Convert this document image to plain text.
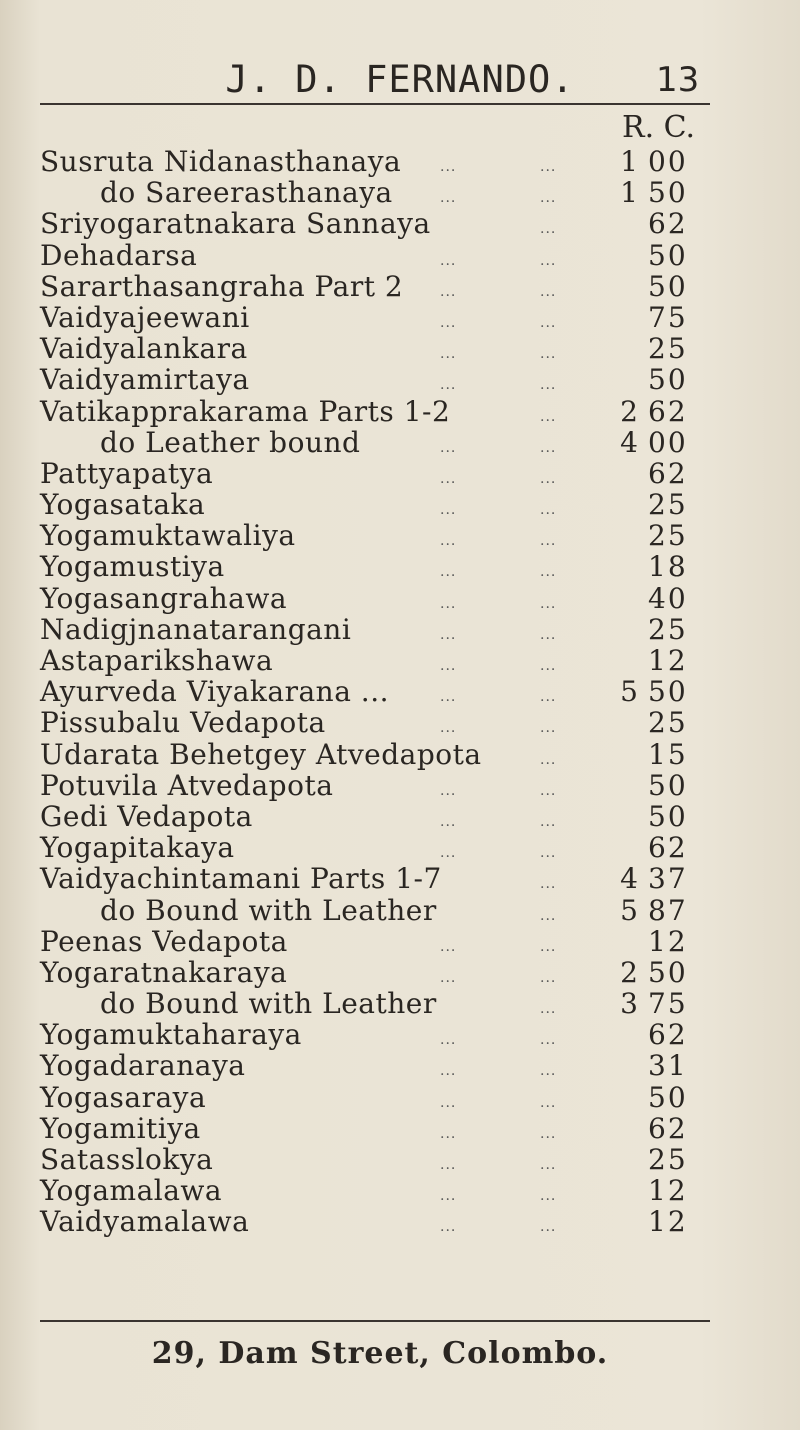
J. D. FERNANDO.	13
R. C.
Susruta Nidanasthanaya	...	... 1 00
do Sareerasthanaya	...	... 1 50
Sriyogaratnakara Sannaya	...	62
Dehadarsa	...	...	50
Sararthasangraha Part 2	...	...	50
Vaidyajeewani	...	...	75
Vaidyalankara	...	...	25
Vaidyamirtaya	...	...	50
Vatikapprakarama Parts 1-2	... 2 62
do Leather bound	...	... 4 00
Pattyapatya	...	...	62
Yogasataka	...	...	25
Yogamuktawaliya	...	...	25
Yogamustiya	...	...	18
Yogasangrahawa	...	...	40
Nadigjnanatarangani	...	...	25
Astaparikshawa	...	...	12
Ayurveda Viyakarana ...	...	... 5 50
Pissubalu Vedapota	...	...	25
Udarata Behetgey Atvedapota	...	15
Potuvila Atvedapota	...	...	50
Gedi Vedapota	...	...	50
Yogapitakaya	...	...	62
Vaidyachintamani Parts 1-7	... 4 37
do Bound with Leather	... 5 87
Peenas Vedapota	...	...	12
Yogaratnakaraya	...	... 2 50
do Bound with Leather	... 3 75
Yogamuktaharaya	...	...	62
Yogadaranaya	...	...	31
Yogasaraya	...	...	50
Yogamitiya	...	...	62
Satasslokya	...	...	25
Yogamalawa	...	...	12
Vaidyamalawa	...	...	12
29, Dam Street, Colombo.
